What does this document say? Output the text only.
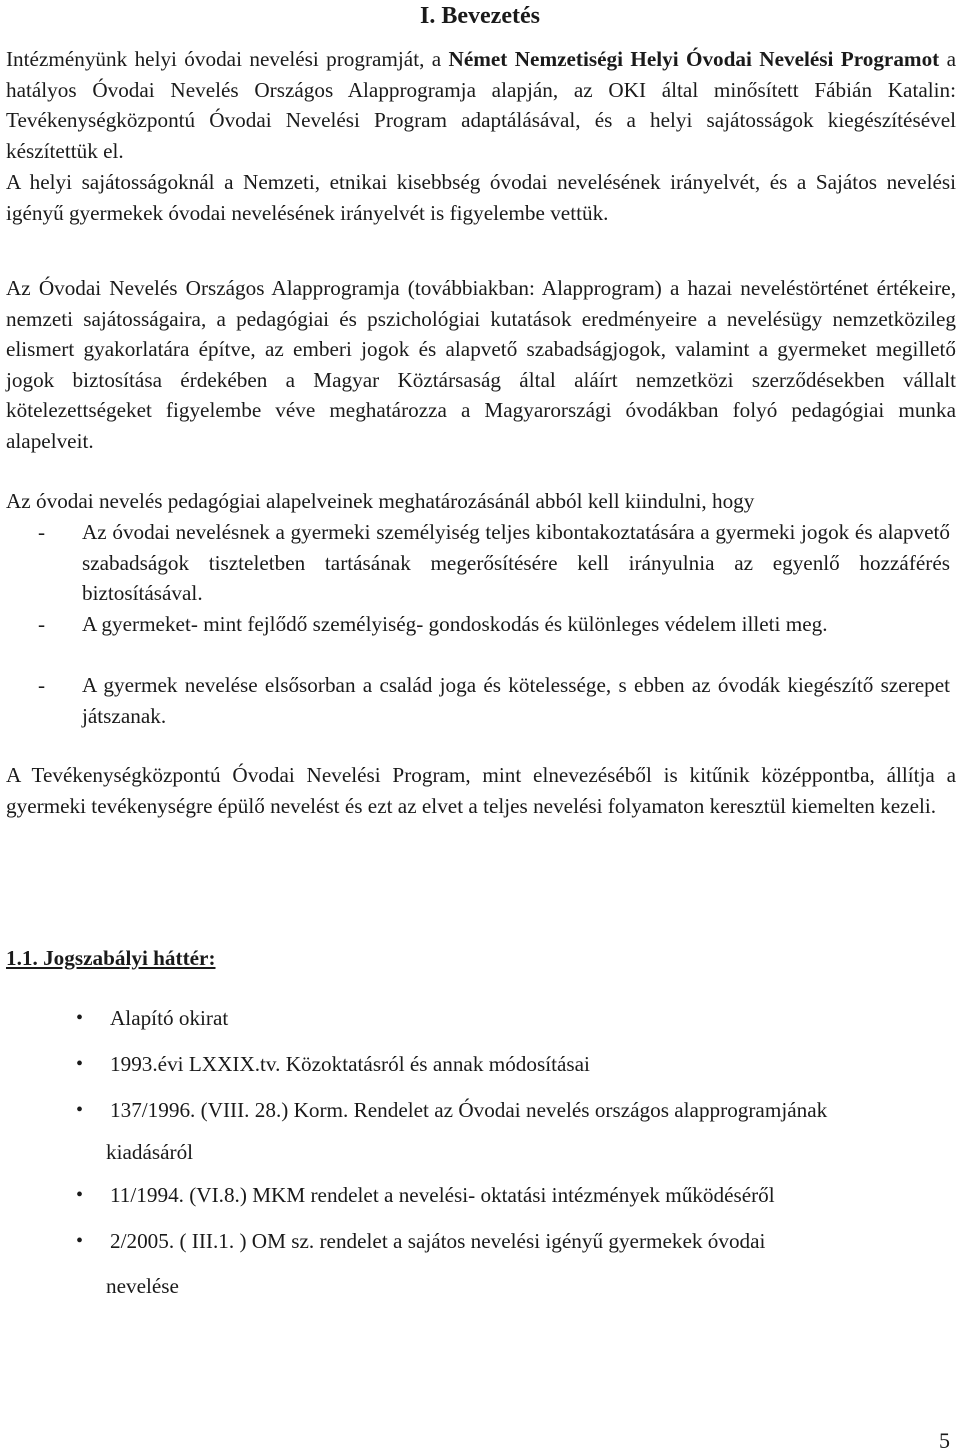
I. Bevezetés

Intézményünk helyi óvodai nevelési programját, a Német Nemzetiségi Helyi Óvodai Nevelési Programot a hatályos Óvodai Nevelés Országos Alapprogramja alapján, az OKI által minősített Fábián Katalin: Tevékenységközpontú Óvodai Nevelési Program adaptálásával, és a helyi sajátosságok kiegészítésével készítettük el.

A helyi sajátosságoknál a Nemzeti, etnikai kisebbség óvodai nevelésének irányelvét, és a Sajátos nevelési igényű gyermekek óvodai nevelésének irányelvét is figyelembe vettük.

Az Óvodai Nevelés Országos Alapprogramja (továbbiakban: Alapprogram) a hazai neveléstörténet értékeire, nemzeti sajátosságaira, a pedagógiai és pszichológiai kutatások eredményeire a nevelésügy nemzetközileg elismert gyakorlatára építve, az emberi jogok és alapvető szabadságjogok, valamint a gyermeket megillető jogok biztosítása érdekében a Magyar Köztársaság által aláírt nemzetközi szerződésekben vállalt kötelezettségeket figyelembe véve meghatározza a Magyarországi óvodákban folyó pedagógiai munka alapelveit.

Az óvodai nevelés pedagógiai alapelveinek meghatározásánál abból kell kiindulni, hogy

- Az óvodai nevelésnek a gyermeki személyiség teljes kibontakoztatására a gyermeki jogok és alapvető szabadságok tiszteletben tartásának megerősítésére kell irányulnia az egyenlő hozzáférés biztosításával.
- A gyermeket- mint fejlődő személyiség- gondoskodás és különleges védelem illeti meg.
- A gyermek nevelése elsősorban a család joga és kötelessége, s ebben az óvodák kiegészítő szerepet játszanak.

A Tevékenységközpontú Óvodai Nevelési Program, mint elnevezéséből is kitűnik középpontba, állítja a gyermeki tevékenységre épülő nevelést és ezt az elvet a teljes nevelési folyamaton keresztül kiemelten kezeli.

1.1. Jogszabályi háttér:
• Alapító okirat
• 1993.évi LXXIX.tv. Közoktatásról és annak módosításai
• 137/1996. (VIII. 28.) Korm. Rendelet az Óvodai nevelés országos alapprogramjának
kiadásáról
• 11/1994. (VI.8.) MKM rendelet a nevelési- oktatási intézmények működéséről
• 2/2005. ( III.1. ) OM sz. rendelet a sajátos nevelési igényű gyermekek óvodai
nevelése
5
